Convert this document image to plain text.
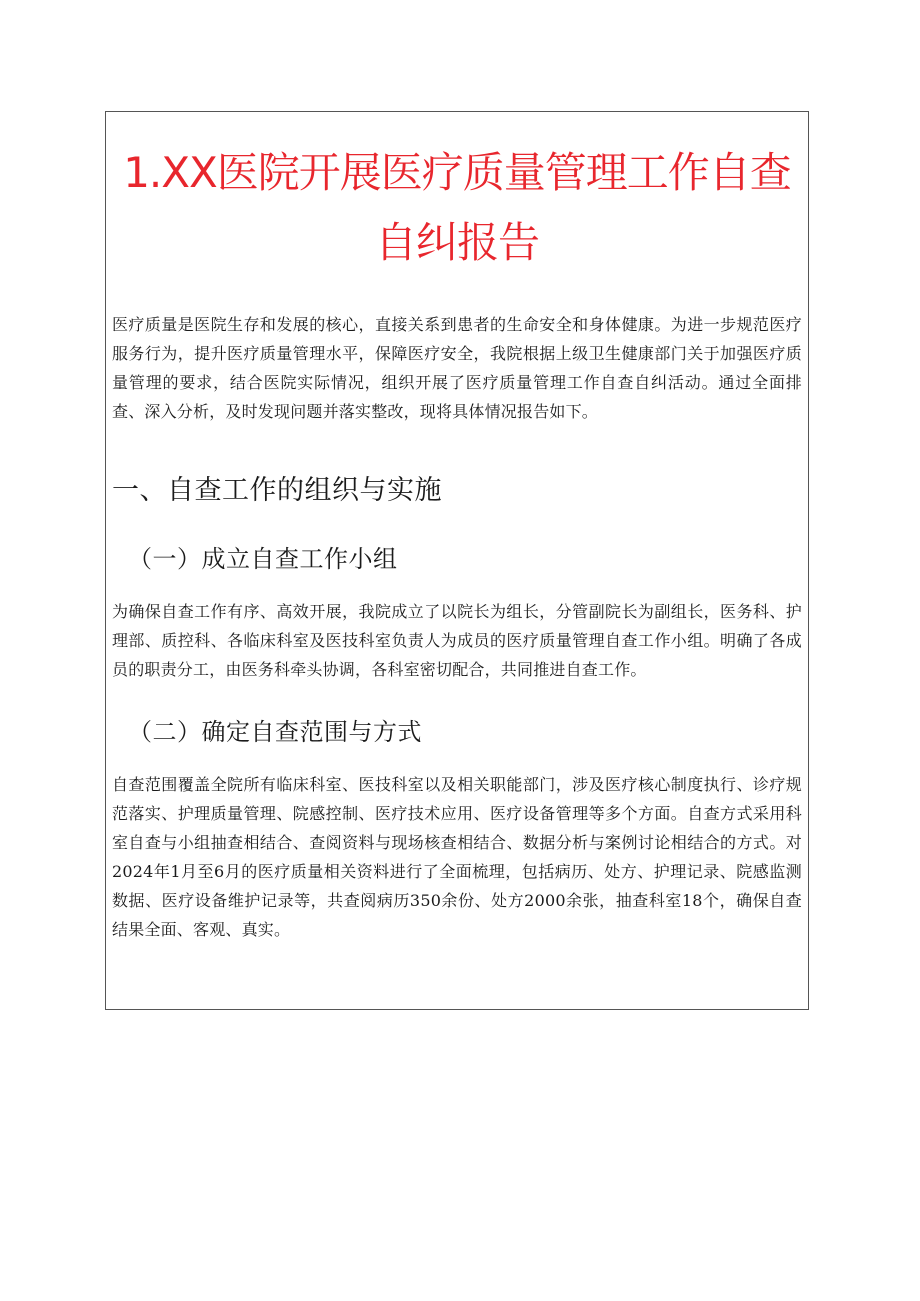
1.XX医院开展医疗质量管理工作自查自纠报告

医疗质量是医院生存和发展的核心，直接关系到患者的生命安全和身体健康。为进一步规范医疗服务行为，提升医疗质量管理水平，保障医疗安全，我院根据上级卫生健康部门关于加强医疗质量管理的要求，结合医院实际情况，组织开展了医疗质量管理工作自查自纠活动。通过全面排查、深入分析，及时发现问题并落实整改，现将具体情况报告如下。

一、自查工作的组织与实施
（一）成立自查工作小组

为确保自查工作有序、高效开展，我院成立了以院长为组长，分管副院长为副组长，医务科、护理部、质控科、各临床科室及医技科室负责人为成员的医疗质量管理自查工作小组。明确了各成员的职责分工，由医务科牵头协调，各科室密切配合，共同推进自查工作。

（二）确定自查范围与方式

自查范围覆盖全院所有临床科室、医技科室以及相关职能部门，涉及医疗核心制度执行、诊疗规范落实、护理质量管理、院感控制、医疗技术应用、医疗设备管理等多个方面。自查方式采用科室自查与小组抽查相结合、查阅资料与现场核查相结合、数据分析与案例讨论相结合的方式。对2024年1月至6月的医疗质量相关资料进行了全面梳理，包括病历、处方、护理记录、院感监测数据、医疗设备维护记录等，共查阅病历350余份、处方2000余张，抽查科室18个，确保自查结果全面、客观、真实。
